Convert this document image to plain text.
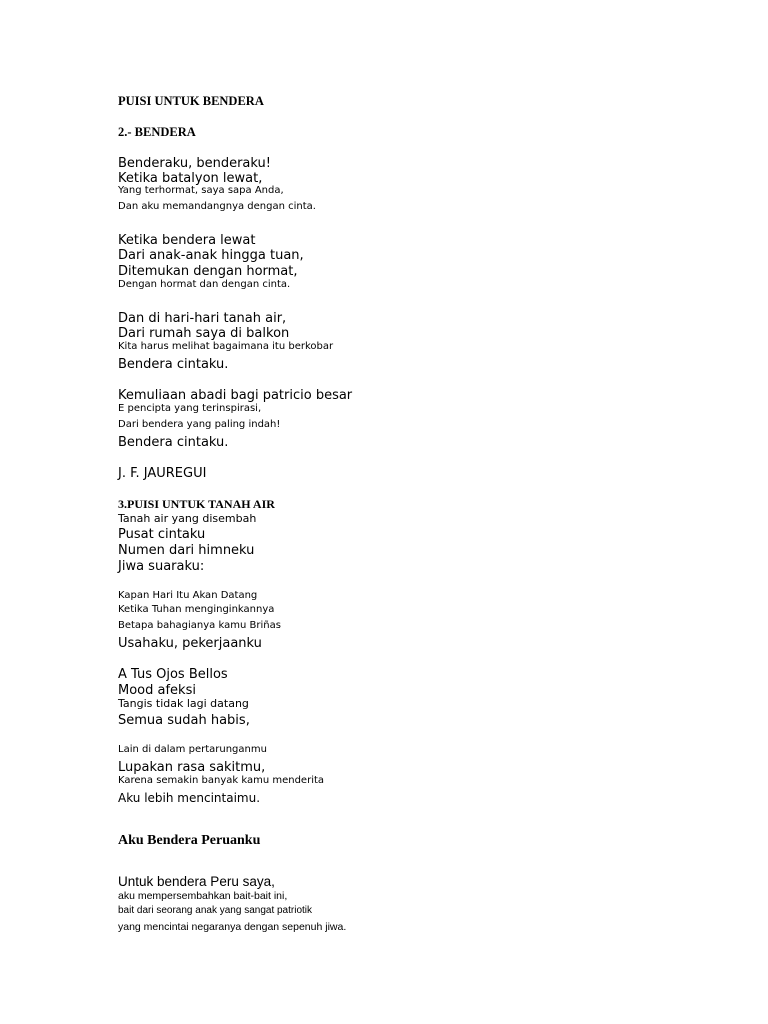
PUISI UNTUK BENDERA
2.- BENDERA
Benderaku, benderaku!
Ketika batalyon lewat,
Yang terhormat, saya sapa Anda,
Dan aku memandangnya dengan cinta.
Ketika bendera lewat
Dari anak-anak hingga tuan,
Ditemukan dengan hormat,
Dengan hormat dan dengan cinta.
Dan di hari-hari tanah air,
Dari rumah saya di balkon
Kita harus melihat bagaimana itu berkobar
Bendera cintaku.
Kemuliaan abadi bagi patricio besar
E pencipta yang terinspirasi,
Dari bendera yang paling indah!
Bendera cintaku.
J. F. JAUREGUI
3.PUISI UNTUK TANAH AIR
Tanah air yang disembah
Pusat cintaku
Numen dari himneku
Jiwa suaraku:
Kapan Hari Itu Akan Datang
Ketika Tuhan menginginkannya
Betapa bahagianya kamu Briñas
Usahaku, pekerjaanku
A Tus Ojos Bellos
Mood afeksi
Tangis tidak lagi datang
Semua sudah habis,
Lain di dalam pertarunganmu
Lupakan rasa sakitmu,
Karena semakin banyak kamu menderita
Aku lebih mencintaimu.
Aku Bendera Peruanku
Untuk bendera Peru saya,
aku mempersembahkan bait-bait ini,
bait dari seorang anak yang sangat patriotik
yang mencintai negaranya dengan sepenuh jiwa.
